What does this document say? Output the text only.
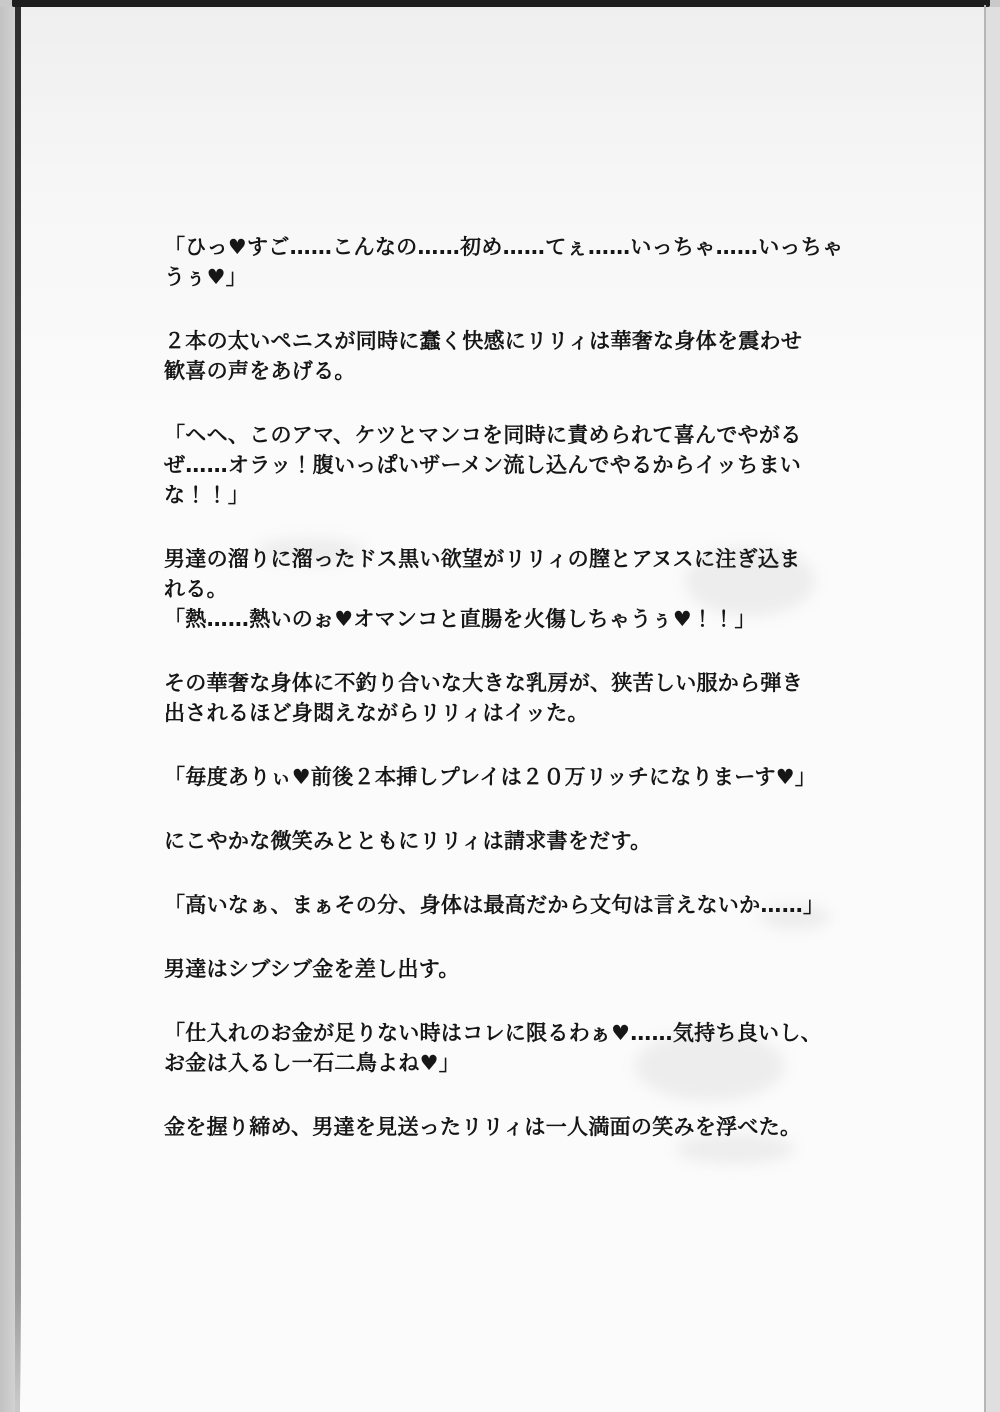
「ひっ♥すご……こんなの……初め……てぇ……いっちゃ……いっちゃ
うぅ♥」
２本の太いペニスが同時に蠢く快感にリリィは華奢な身体を震わせ
歓喜の声をあげる。
「ヘヘ、このアマ、ケツとマンコを同時に責められて喜んでやがる
ぜ……オラッ！腹いっぱいザーメン流し込んでやるからイッちまい
な！！」
男達の溜りに溜ったドス黒い欲望がリリィの膣とアヌスに注ぎ込ま
れる。
「熱……熱いのぉ♥オマンコと直腸を火傷しちゃうぅ♥！！」
その華奢な身体に不釣り合いな大きな乳房が、狭苦しい服から弾き
出されるほど身悶えながらリリィはイッた。
「毎度ありぃ♥前後２本挿しプレイは２０万リッチになりまーす♥」
にこやかな微笑みとともにリリィは請求書をだす。
「高いなぁ、まぁその分、身体は最高だから文句は言えないか……」
男達はシブシブ金を差し出す。
「仕入れのお金が足りない時はコレに限るわぁ♥……気持ち良いし、
お金は入るし一石二鳥よね♥」
金を握り締め、男達を見送ったリリィは一人満面の笑みを浮べた。
